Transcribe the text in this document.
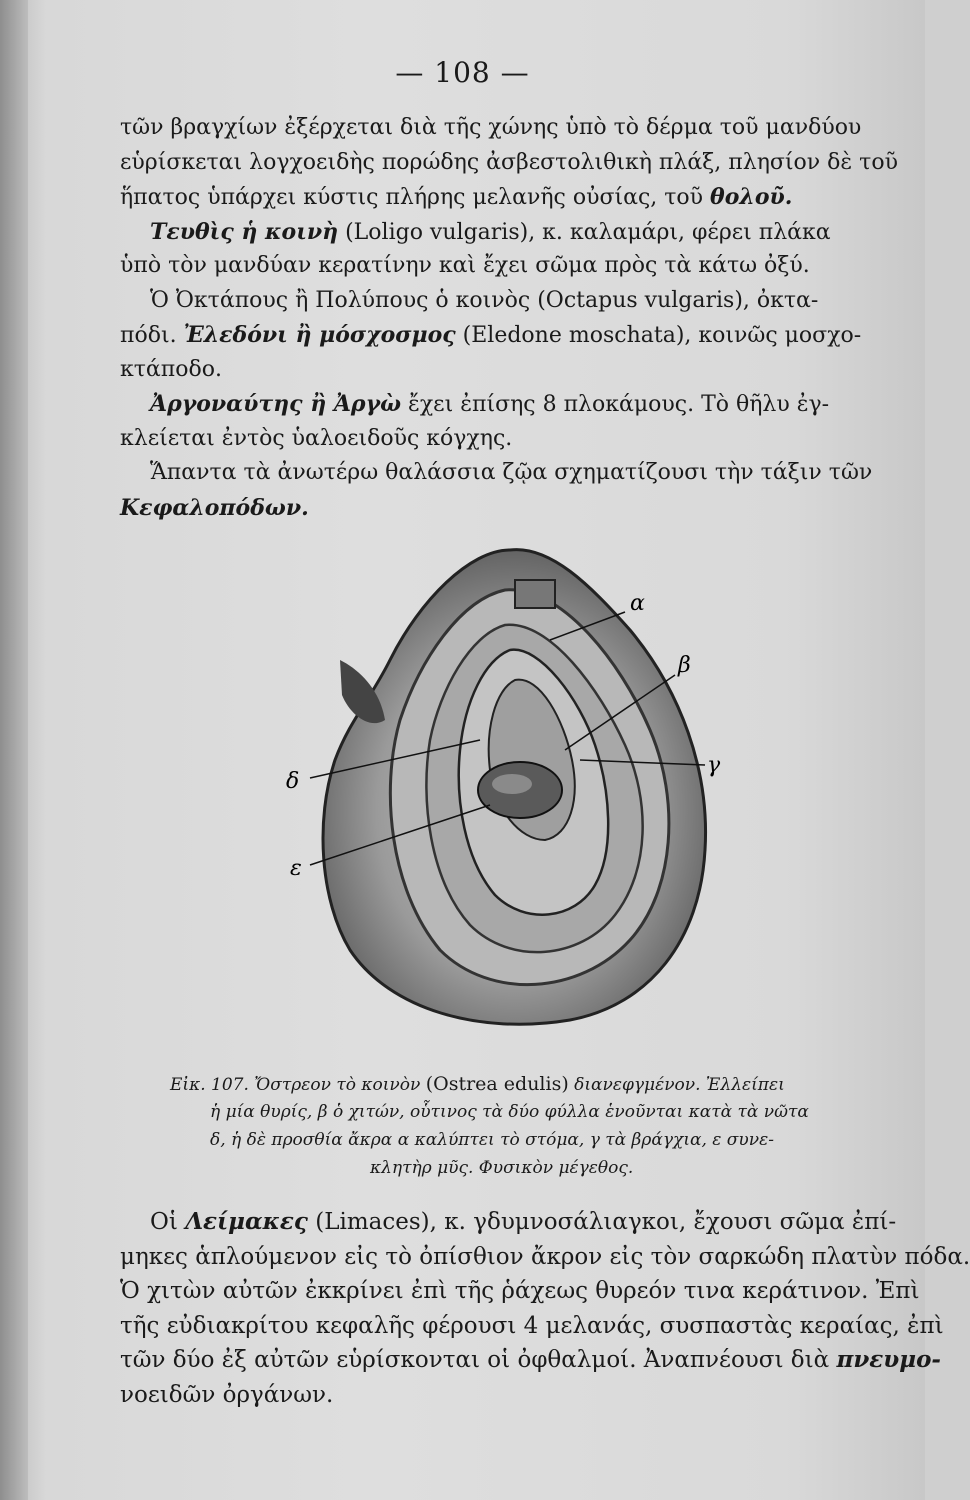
— 108 —
τῶν βραγχίων ἐξέρχεται διὰ τῆς χώνης ὑπὸ τὸ δέρμα τοῦ μανδύου
εὑρίσκεται λογχοειδὴς πορώδης ἀσβεστολιθικὴ πλάξ, πλησίον δὲ τοῦ
ἥπατος ὑπάρχει κύστις πλήρης μελανῆς οὐσίας, τοῦ θολοῦ.
Τευθὶς ἡ κοινὴ (Loligo vulgaris), κ. καλαμάρι, φέρει πλάκα
ὑπὸ τὸν μανδύαν κερατίνην καὶ ἔχει σῶμα πρὸς τὰ κάτω ὀξύ.
Ὁ Ὀκτάπους ἢ Πολύπους ὁ κοινὸς (Octapus vulgaris), ὀκτα-
πόδι. Ἐλεδόνι ἢ μόσχοσμος (Eledone moschata), κοινῶς μοσχο-
κτάποδο.
Ἀργοναύτης ἢ Ἀργὼ ἔχει ἐπίσης 8 πλοκάμους. Τὸ θῆλυ ἐγ-
κλείεται ἐντὸς ὑαλοειδοῦς κόγχης.
Ἅπαντα τὰ ἀνωτέρω θαλάσσια ζῷα σχηματίζουσι τὴν τάξιν τῶν
Κεφαλοπόδων.
α
β
γ
δ
ε
Εἰκ. 107. Ὄστρεον τὸ κοινὸν (Ostrea edulis) διανεφγμένον. Ἐλλείπει
ἡ μία θυρίς, β ὁ χιτών, οὗτινος τὰ δύο φύλλα ἑνοῦνται κατὰ τὰ νῶτα
δ, ἡ δὲ προσθία ἄκρα α καλύπτει τὸ στόμα, γ τὰ βράγχια, ε συνε-
κλητὴρ μῦς. Φυσικὸν μέγεθος.
Οἱ Λείμακες (Limaces), κ. γδυμνοσάλιαγκοι, ἔχουσι σῶμα ἐπί-
μηκες ἁπλούμενον εἰς τὸ ὀπίσθιον ἄκρον εἰς τὸν σαρκώδη πλατὺν πόδα.
Ὁ χιτὼν αὐτῶν ἐκκρίνει ἐπὶ τῆς ῥάχεως θυρεόν τινα κεράτινον. Ἐπὶ
τῆς εὐδιακρίτου κεφαλῆς φέρουσι 4 μελανάς, συσπαστὰς κεραίας, ἐπὶ
τῶν δύο ἐξ αὐτῶν εὑρίσκονται οἱ ὀφθαλμοί. Ἀναπνέουσι διὰ πνευμο-
νοειδῶν ὀργάνων.
